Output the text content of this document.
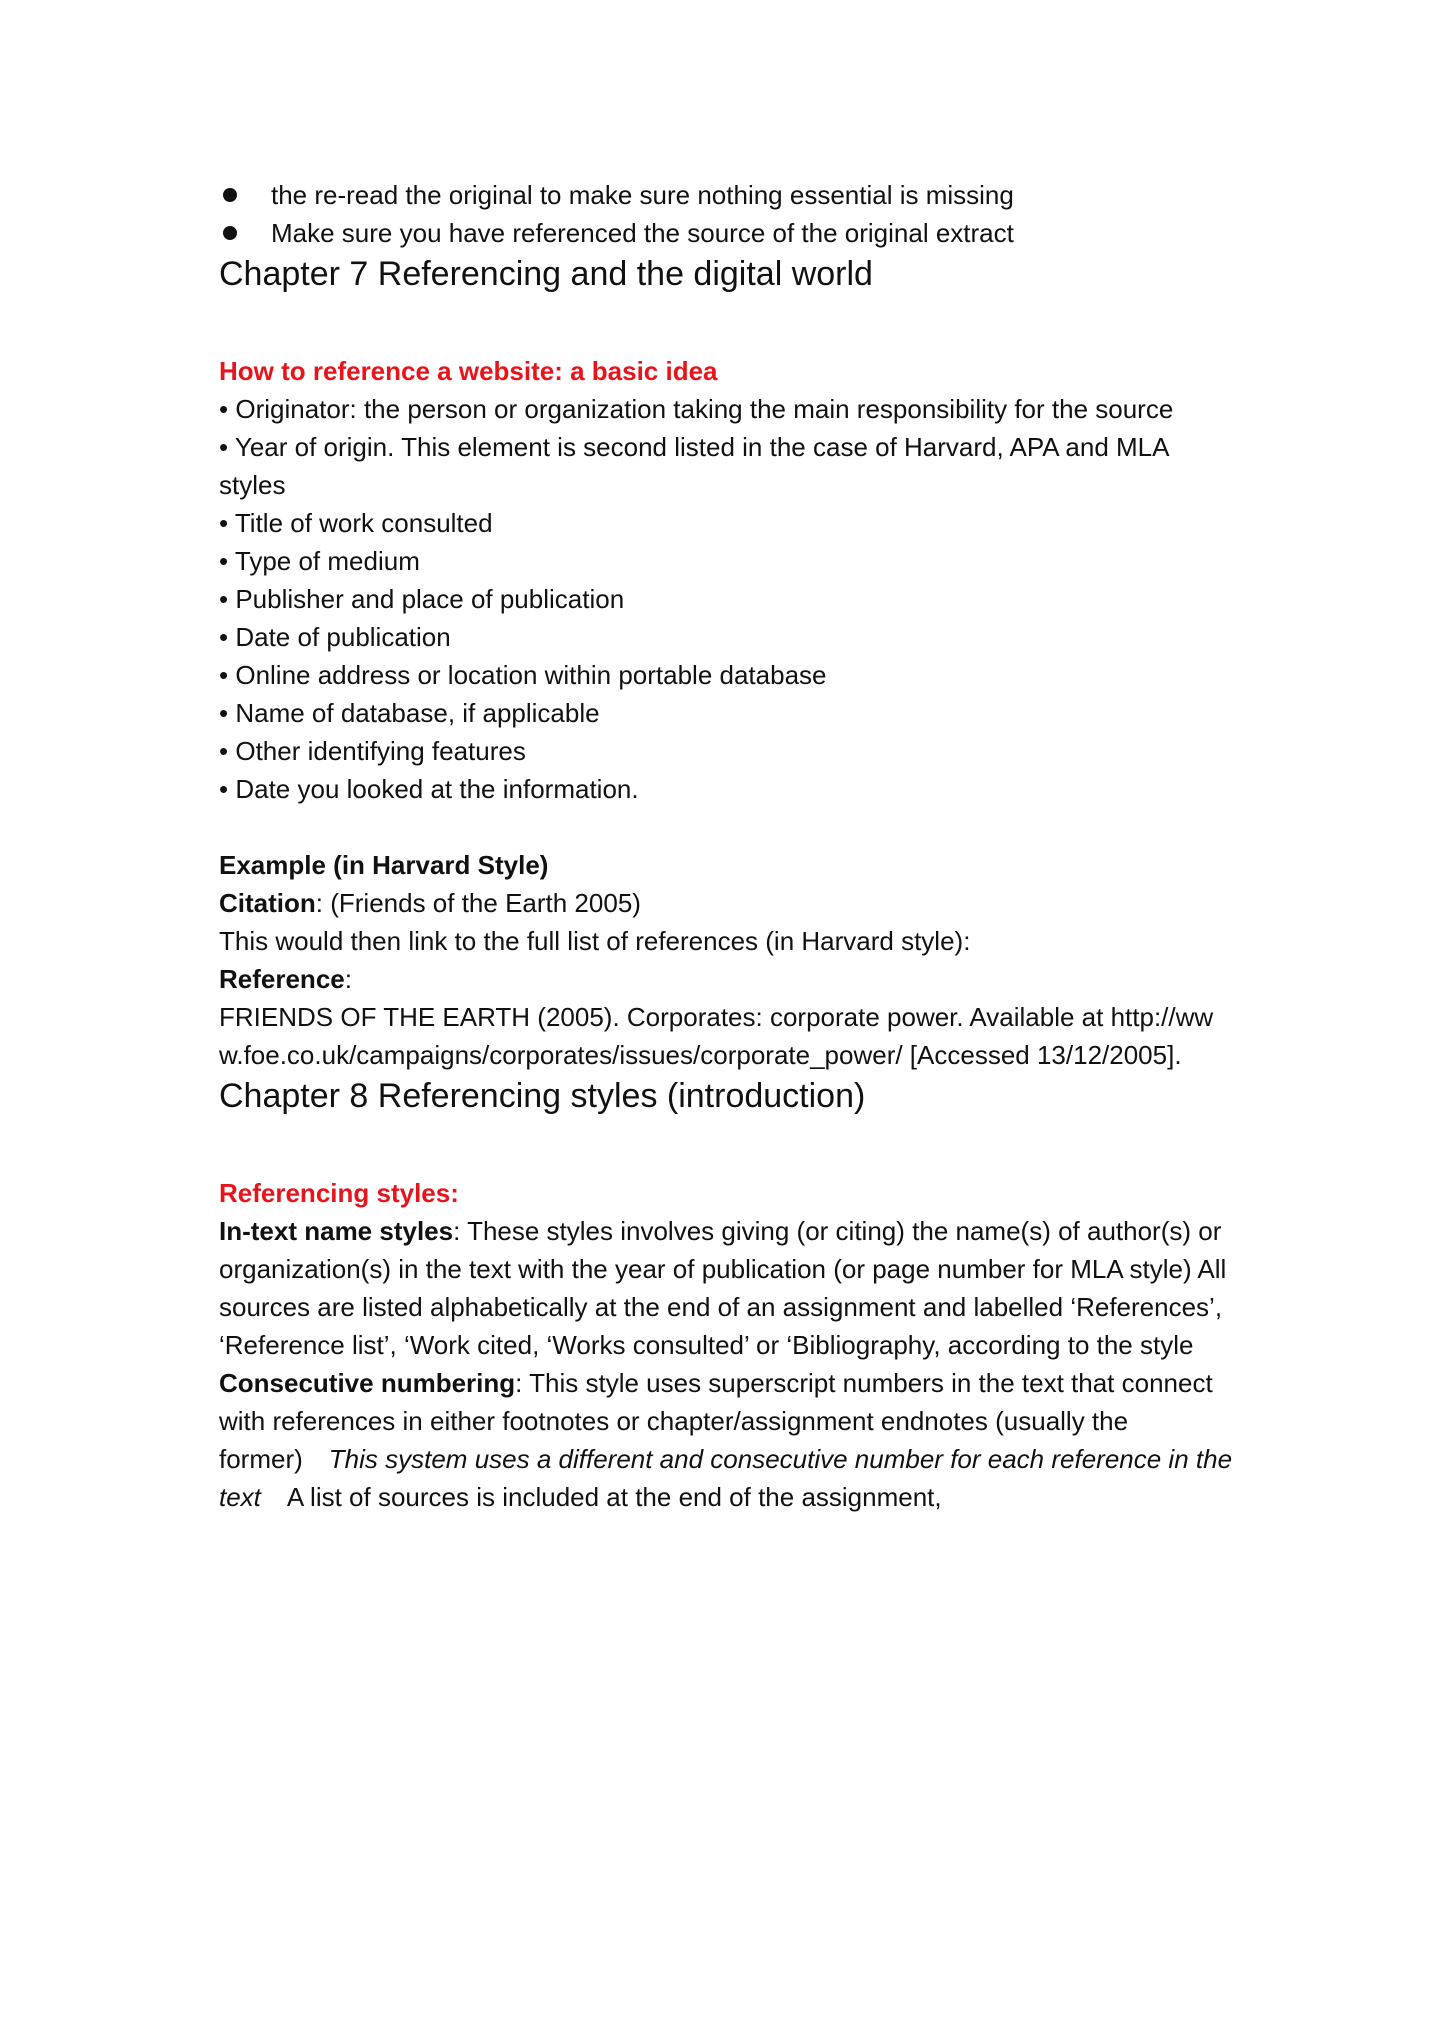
the re-read the original to make sure nothing essential is missing
Make sure you have referenced the source of the original extract
Chapter 7 Referencing and the digital world

How to reference a website: a basic idea

• Originator: the person or organization taking the main responsibility for the source
• Year of origin. This element is second listed in the case of Harvard, APA and MLA styles
• Title of work consulted
• Type of medium
• Publisher and place of publication
• Date of publication
• Online address or location within portable database
• Name of database, if applicable
• Other identifying features
• Date you looked at the information.

Example (in Harvard Style)

Citation: (Friends of the Earth 2005)

This would then link to the full list of references (in Harvard style):

Reference:

FRIENDS OF THE EARTH (2005). Corporates: corporate power. Available at http://www.foe.co.uk/campaigns/corporates/issues/corporate_power/ [Accessed 13/12/2005].

Chapter 8 Referencing styles (introduction)

Referencing styles:

In-text name styles: These styles involves giving (or citing) the name(s) of author(s) or organization(s) in the text with the year of publication (or page number for MLA style) All sources are listed alphabetically at the end of an assignment and labelled ‘References’, ‘Reference list’, ‘Work cited, ‘Works consulted’ or ‘Bibliography, according to the style

Consecutive numbering: This style uses superscript numbers in the text that connect with references in either footnotes or chapter/assignment endnotes (usually the former) This system uses a different and consecutive number for each reference in the text A list of sources is included at the end of the assignment,
